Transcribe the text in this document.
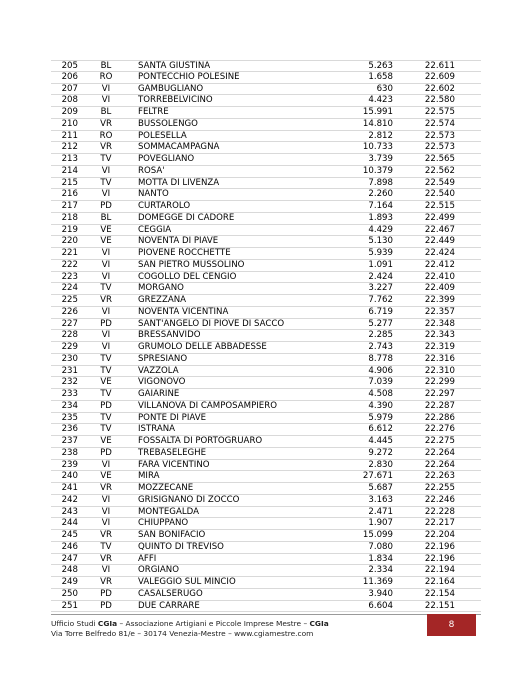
205	BL	SANTA GIUSTINA	5.263	22.611
206	RO	PONTECCHIO POLESINE	1.658	22.609
207	VI	GAMBUGLIANO	630	22.602
208	VI	TORREBELVICINO	4.423	22.580
209	BL	FELTRE	15.991	22.575
210	VR	BUSSOLENGO	14.810	22.574
211	RO	POLESELLA	2.812	22.573
212	VR	SOMMACAMPAGNA	10.733	22.573
213	TV	POVEGLIANO	3.739	22.565
214	VI	ROSA'	10.379	22.562
215	TV	MOTTA DI LIVENZA	7.898	22.549
216	VI	NANTO	2.260	22.540
217	PD	CURTAROLO	7.164	22.515
218	BL	DOMEGGE DI CADORE	1.893	22.499
219	VE	CEGGIA	4.429	22.467
220	VE	NOVENTA DI PIAVE	5.130	22.449
221	VI	PIOVENE ROCCHETTE	5.939	22.424
222	VI	SAN PIETRO MUSSOLINO	1.091	22.412
223	VI	COGOLLO DEL CENGIO	2.424	22.410
224	TV	MORGANO	3.227	22.409
225	VR	GREZZANA	7.762	22.399
226	VI	NOVENTA VICENTINA	6.719	22.357
227	PD	SANT'ANGELO DI PIOVE DI SACCO	5.277	22.348
228	VI	BRESSANVIDO	2.285	22.343
229	VI	GRUMOLO DELLE ABBADESSE	2.743	22.319
230	TV	SPRESIANO	8.778	22.316
231	TV	VAZZOLA	4.906	22.310
232	VE	VIGONOVO	7.039	22.299
233	TV	GAIARINE	4.508	22.297
234	PD	VILLANOVA DI CAMPOSAMPIERO	4.390	22.287
235	TV	PONTE DI PIAVE	5.979	22.286
236	TV	ISTRANA	6.612	22.276
237	VE	FOSSALTA DI PORTOGRUARO	4.445	22.275
238	PD	TREBASELEGHE	9.272	22.264
239	VI	FARA VICENTINO	2.830	22.264
240	VE	MIRA	27.671	22.263
241	VR	MOZZECANE	5.687	22.255
242	VI	GRISIGNANO DI ZOCCO	3.163	22.246
243	VI	MONTEGALDA	2.471	22.228
244	VI	CHIUPPANO	1.907	22.217
245	VR	SAN BONIFACIO	15.099	22.204
246	TV	QUINTO DI TREVISO	7.080	22.196
247	VR	AFFI	1.834	22.196
248	VI	ORGIANO	2.334	22.194
249	VR	VALEGGIO SUL MINCIO	11.369	22.164
250	PD	CASALSERUGO	3.940	22.154
251	PD	DUE CARRARE	6.604	22.151
Ufficio Studi CGIa – Associazione Artigiani e Piccole Imprese Mestre – CGIa
Via Torre Belfredo 81/e – 30174 Venezia-Mestre – www.cgiamestre.com
8
